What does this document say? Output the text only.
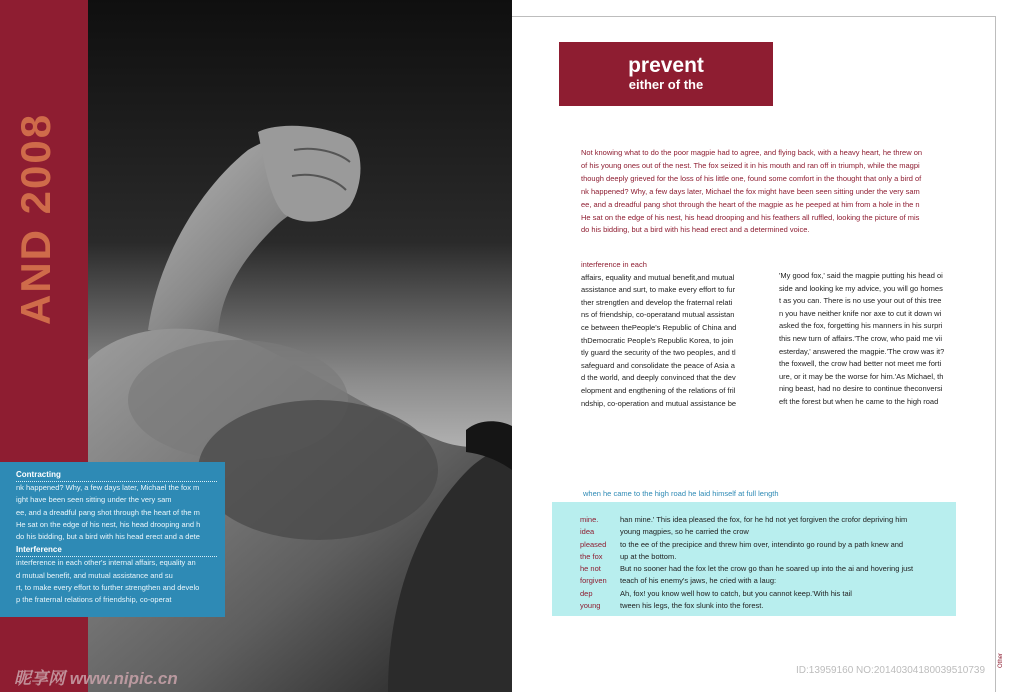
AND 2008
Contracting

nk happened? Why, a few days later, Michael the fox m

ight have been seen sitting under the very sam

ee, and a dreadful pang shot through the heart of the m

He sat on the edge of his nest, his head drooping and h

do his bidding, but a bird with his head erect and a dete

Interference

interference in each other's internal affairs, equality an

d mutual benefit, and mutual assistance and su

rt, to make every effort to further strengthen and develo

p the fraternal relations of friendship, co-operat

昵享网 www.nipic.cn
prevent
either of the

Not knowing what to do the poor magpie had to agree, and flying back, with a heavy heart, he threw on

of his young ones out of the nest. The fox seized it in his mouth and ran off in triumph, while the magpi

though deeply grieved for the loss of his little one, found some comfort in the thought that only a bird of

nk happened? Why, a few days later, Michael the fox might have been seen sitting under the very sam

ee, and a dreadful pang shot through the heart of the magpie as he peeped at him from a hole in the n

He sat on the edge of his nest, his head drooping and his feathers all ruffled, looking the picture of mis

do his bidding, but a bird with his head erect and a determined voice.

interference in each

affairs, equality and mutual benefit,and mutual

assistance and surt, to make every effort to fur

ther strengtlen and develop the fraternal relati

ns of friendship, co-operatand mutual assistan

ce between thePeople's Republic of China and

thDemocratic People's Republic Korea, to join

tly guard the security of the two peoples, and tl

safeguard and consolidate the peace of Asia a

d the world, and deeply convinced that the dev

elopment and engthening of the relations of fril

ndship, co-operation and mutual assistance be

'My good fox,' said the magpie putting his head oi

side and looking ke my advice, you will go homes

t as you can. There is no use your out of this tree

n you have neither knife nor axe to cut it down wi

asked the fox, forgetting his manners in his surpri

this new turn of affairs.'The crow, who paid me vii

esterday,' answered the magpie.'The crow was it?

the foxwell, the crow had better not meet me forti

ure, or it may be the worse for him.'As Michael, th

ning beast, had no desire to continue theconversi

eft the forest but when he came to the high road

when he came to the high road he laid himself at full length
mine.	han mine.' This idea pleased the fox, for he hd not yet forgiven the crofor depriving him
idea	young magpies, so he carried the crow
pleased	to the ee of the precipice and threw him over, intendinto go round by a path knew and
the fox	up at the bottom.
he not	But no sooner had the fox let the crow go than he soared up into the ai and hovering just
forgiven	teach of his enemy's jaws, he cried with a laug:
dep	Ah, fox! you know well how to catch, but you cannot keep.'With his tail
young	tween his legs, the fox slunk into the forest.
Other
ID:13959160 NO:20140304180039510739
